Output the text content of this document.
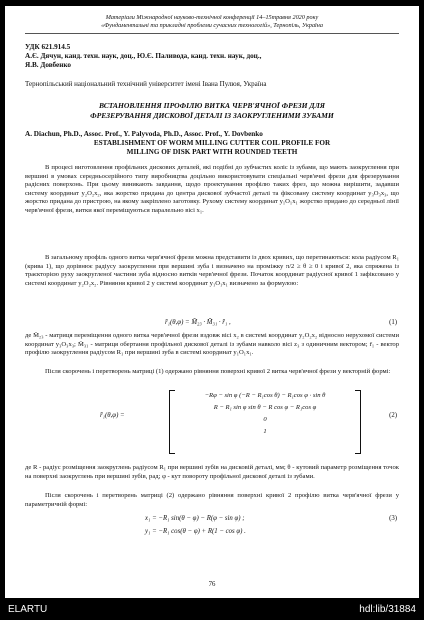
Матеріали Міжнародної науково-технічної конференції 14–15травня 2020 року
«Фундаментальні та прикладні проблеми сучасних технологій», Тернопіль, Україна
УДК 621.914.5
А.Є. Дячун, канд. техн. наук, доц., Ю.Є. Паливода, канд. техн. наук, доц.,
Я.В. Довбенко
Тернопільський національний технічний університет імені Івана Пулюя, Україна
ВСТАНОВЛЕННЯ ПРОФІЛЮ ВИТКА ЧЕРВ'ЯЧНОЇ ФРЕЗИ ДЛЯ
ФРЕЗЕРУВАННЯ ДИСКОВОЇ ДЕТАЛІ ІЗ ЗАОКРУГЛЕНИМИ ЗУБАМИ
A. Diachun, Ph.D., Assoc. Prof., Y. Palyvoda, Ph.D., Assoc. Prof., Y. Dovbenko
ESTABLISHMENT OF WORM MILLING CUTTER COIL PROFILE FOR
MILLING OF DISK PART WITH ROUNDED TEETH
В процесі виготовлення профільних дискових деталей, які подібні до зубчастих коліс із зубами, що мають заокруглення при вершині в умовах середньосерійного типу виробництва доцільно використовувати спеціальні черв'ячні фрези для фрезерування радісних поверхонь. При цьому виникають завдання, щодо проектування профілю таких фрез, що можна вирішити, задавши систему координат y₂O₂x₂, яка жорстко придана до центра дискової зубчастої деталі та фіксовану систему координат y₃O₃x₃, що жорстко придана до пристрою, на якому закріплено заготовку. Рухому систему координат y₁O₁x₁ жорстко придано до середньої лінії черв'ячної фрези, витки якої переміщуються паралельно вісі x₁.
В загальному профіль одного витка черв'ячної фрези можна представити із двох кривих, що перетинаються: кола радіусом R₁ (крива 1), що дорівнює радіусу заокруглення при вершині зуба і визначено на проміжку π/2 ≥ θ ≥ 0 і кривої 2, яка спряжена із траєкторією руху заокругленої частини зуба відносно витків черв'ячної фрези. Початок координат радіусної кривої 1 зафіксовано у системі координат y₂O₂x₂. Рівняння кривої 2 у системі координат y₁O₁x₁ визначено за формулою:
r̄₁(θ,φ) = M̄₂₃ · M̄₃₁ · r̄₁ ,	(1)
де M̄₂₃ - матриця переміщення одного витка черв'ячної фрези вздовж вісі x₂ в системі координат y₂O₂x₂ відносно нерухомої системи координат y₃O₃x₃; M̄₃₁ - матриця обертання профільної дискової деталі із зубами навколо вісі z₃ з одиничним вектором; r̄₁ - вектор профілю заокруглення радіусом R₁ при вершині зуба в системі координат y₁O₁x₁.
Після скорочень і перетворень матриці (1) одержано рівняння поверхні кривої 2 витка черв'ячної фрези у векторній формі:
r̄₁(θ,φ) =
−Rφ − sin φ (−R − R₁cos θ) − R₁cos φ · sin θ
R − R₁ sin φ sin θ − R cos φ − R₁cos φ
0
1
(2)
де R - радіус розміщення заокруглень радіусом R₁ при вершині зубів на дисковій деталі, мм; θ - кутовий параметр розміщення точок на поверхні заокруглень при вершині зубів, рад; φ - кут повороту профільної дискової деталі із зубами.
Після скорочень і перетворень матриці (2) одержано рівняння поверхні кривої 2 профілю витка черв'ячної фрези у параметричній формі:
x₁ = −R₁ sin(θ − φ) − R(φ − sin φ) ;	(3)
y₁ = −R₁ cos(θ − φ) + R(1 − cos φ) .
76
ELARTU	hdl:lib/31884
